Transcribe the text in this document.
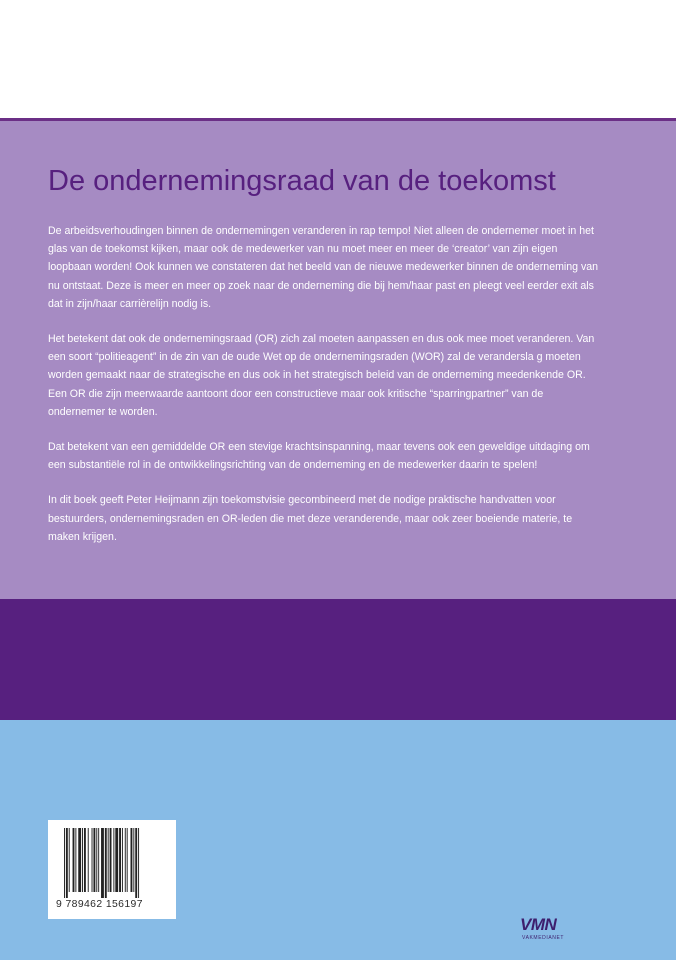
De ondernemingsraad van de toekomst

De arbeidsverhoudingen binnen de ondernemingen veranderen in rap tempo! Niet alleen de ondernemer moet in het glas van de toekomst kijken, maar ook de medewerker van nu moet meer en meer de ‘creator’ van zijn eigen loopbaan worden! Ook kunnen we constateren dat het beeld van de nieuwe medewerker binnen de onderneming van nu ontstaat. Deze is meer en meer op zoek naar de onderneming die bij hem/haar past en pleegt veel eerder exit als dat in zijn/haar carrièrelijn nodig is.

Het betekent dat ook de ondernemingsraad (OR) zich zal moeten aanpassen en dus ook mee moet veranderen. Van een soort “politieagent” in de zin van de oude Wet op de ondernemingsraden (WOR) zal de verandersla g moeten worden gemaakt naar de strategische en dus ook in het strategisch beleid van de onderneming meedenkende OR. Een OR die zijn meerwaarde aantoont door een constructieve maar ook kritische “sparringpartner” van de ondernemer te worden.

Dat betekent van een gemiddelde OR een stevige krachtsinspanning, maar tevens ook een geweldige uitdaging om een substantiële rol in de ontwikkelingsrichting van de onderneming en de medewerker daarin te spelen!

In dit boek geeft Peter Heijmann zijn toekomstvisie gecombineerd met de nodige praktische handvatten voor bestuurders, ondernemingsraden en OR-leden die met deze veranderende, maar ook zeer boeiende materie, te maken krijgen.

9 789462 156197
VMN
VAKMEDIANET
